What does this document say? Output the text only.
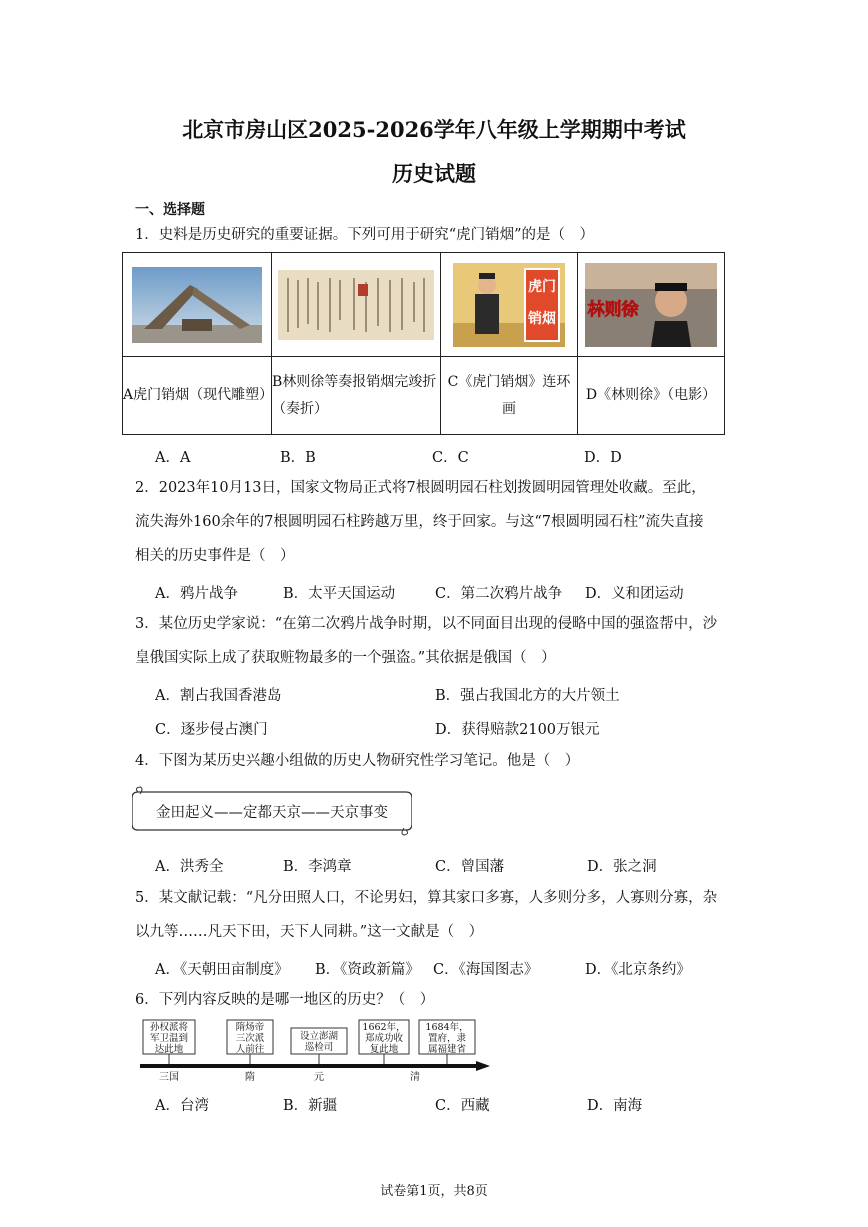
北京市房山区2025-2026学年八年级上学期期中考试
历史试题
一、选择题
1．史料是历史研究的重要证据。下列可用于研究“虎门销烟”的是（　）

虎门
销烟	林则徐

A虎门销烟（现代雕塑）	B林则徐等奏报销烟完竣折（奏折）	C《虎门销烟》连环画	D《林则徐》（电影）
A．A	B．B	C．C	D．D

2．2023年10月13日，国家文物局正式将7根圆明园石柱划拨圆明园管理处收藏。至此，

流失海外160余年的7根圆明园石柱跨越万里，终于回家。与这“7根圆明园石柱”流失直接

相关的历史事件是（　）

A．鸦片战争	B．太平天国运动	C．第二次鸦片战争	D．义和团运动

3．某位历史学家说：“在第二次鸦片战争时期，以不同面目出现的侵略中国的强盗帮中，沙

皇俄国实际上成了获取赃物最多的一个强盗。”其依据是俄国（　）

A．割占我国香港岛	B．强占我国北方的大片领土
C．逐步侵占澳门	D．获得赔款2100万银元
4．下图为某历史兴趣小组做的历史人物研究性学习笔记。他是（　）
金田起义——定都天京——天京事变
A．洪秀全	B．李鸿章	C．曾国藩	D．张之洞

5．某文献记载：“凡分田照人口，不论男妇，算其家口多寡，人多则分多，人寡则分寡，杂

以九等……凡天下田，天下人同耕。”这一文献是（　）

A．《天朝田亩制度》	B．《资政新篇》 C．《海国图志》	D．《北京条约》
6．下列内容反映的是哪一地区的历史？（　）
孙权派将
军卫温到
达此地
隋炀帝
三次派
人前往
设立澎湖
巡检司
1662年，
郑成功收
复此地
1684年，
置府，隶
属福建省
三国	隋	元	清
A．台湾	B．新疆	C．西藏	D．南海
试卷第1页，共8页
